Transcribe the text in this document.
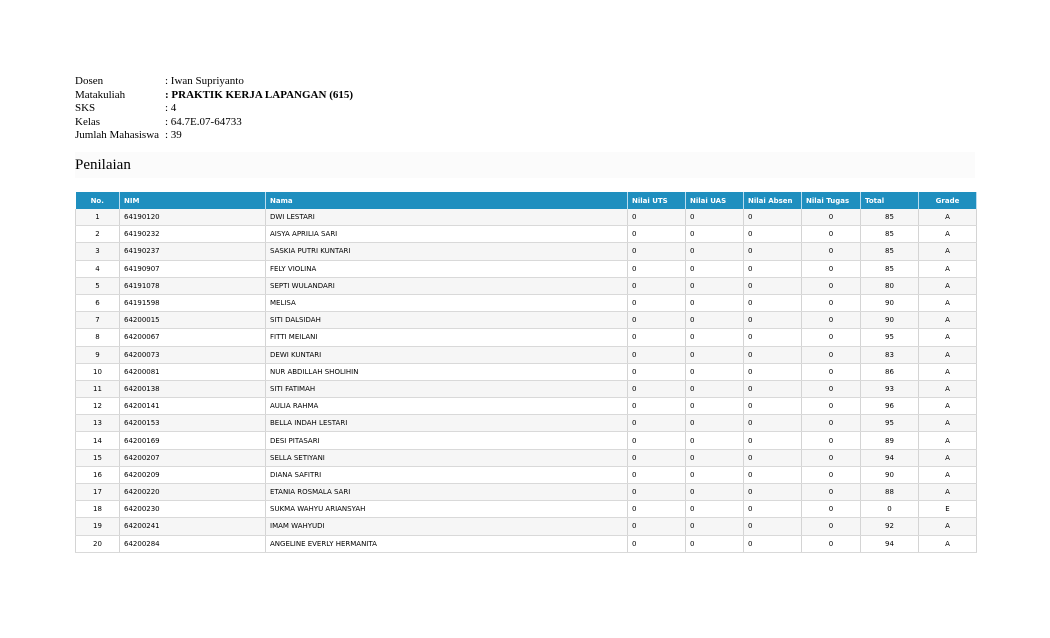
Dosen	: Iwan Supriyanto
Matakuliah	: PRAKTIK KERJA LAPANGAN (615)
SKS	: 4
Kelas	: 64.7E.07-64733
Jumlah Mahasiswa : 39
Penilaian
No.	NIM	Nama	Nilai UTS	Nilai UAS	Nilai Absen	Nilai Tugas	Total	Grade
1	64190120	DWI LESTARI	0	0	0	0	85	A
2	64190232	AISYA APRILIA SARI	0	0	0	0	85	A
3	64190237	SASKIA PUTRI KUNTARI	0	0	0	0	85	A
4	64190907	FELY VIOLINA	0	0	0	0	85	A
5	64191078	SEPTI WULANDARI	0	0	0	0	80	A
6	64191598	MELISA	0	0	0	0	90	A
7	64200015	SITI DALSIDAH	0	0	0	0	90	A
8	64200067	FITTI MEILANI	0	0	0	0	95	A
9	64200073	DEWI KUNTARI	0	0	0	0	83	A
10	64200081	NUR ABDILLAH SHOLIHIN	0	0	0	0	86	A
11	64200138	SITI FATIMAH	0	0	0	0	93	A
12	64200141	AULIA RAHMA	0	0	0	0	96	A
13	64200153	BELLA INDAH LESTARI	0	0	0	0	95	A
14	64200169	DESI PITASARI	0	0	0	0	89	A
15	64200207	SELLA SETIYANI	0	0	0	0	94	A
16	64200209	DIANA SAFITRI	0	0	0	0	90	A
17	64200220	ETANIA ROSMALA SARI	0	0	0	0	88	A
18	64200230	SUKMA WAHYU ARIANSYAH	0	0	0	0	0	E
19	64200241	IMAM WAHYUDI	0	0	0	0	92	A
20	64200284	ANGELINE EVERLY HERMANITA	0	0	0	0	94	A
